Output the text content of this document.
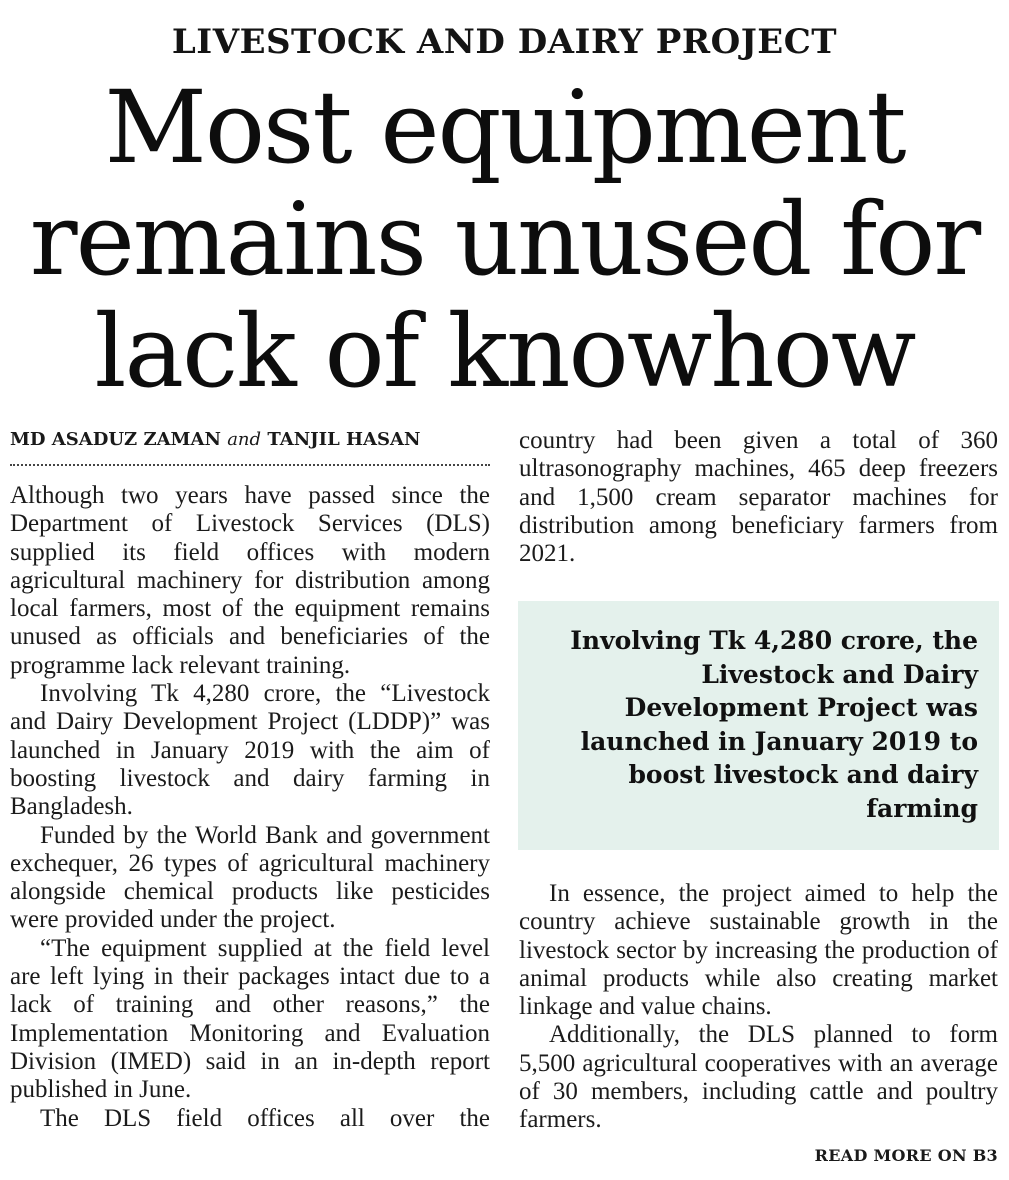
LIVESTOCK AND DAIRY PROJECT
Most equipment
remains unused for
lack of knowhow
MD ASADUZ ZAMAN and TANJIL HASAN

Although two years have passed since the Department of Livestock Services (DLS) supplied its field offices with modern agricultural machinery for distribution among local farmers, most of the equipment remains unused as officials and beneficiaries of the programme lack relevant training.

Involving Tk 4,280 crore, the “Livestock and Dairy Development Project (LDDP)” was launched in January 2019 with the aim of boosting livestock and dairy farming in Bangladesh.

Funded by the World Bank and government exchequer, 26 types of agricultural machinery alongside chemical products like pesticides were provided under the project.

“The equipment supplied at the field level are left lying in their packages intact due to a lack of training and other reasons,” the Implementation Monitoring and Evaluation Division (IMED) said in an in-depth report published in June.

The DLS field offices all over the

country had been given a total of 360 ultrasonography machines, 465 deep freezers and 1,500 cream separator machines for distribution among beneficiary farmers from 2021.

Involving Tk 4,280 crore, the Livestock and Dairy Development Project was launched in January 2019 to boost livestock and dairy farming

In essence, the project aimed to help the country achieve sustainable growth in the livestock sector by increasing the production of animal products while also creating market linkage and value chains.

Additionally, the DLS planned to form 5,500 agricultural cooperatives with an average of 30 members, including cattle and poultry farmers.

READ MORE ON B3
